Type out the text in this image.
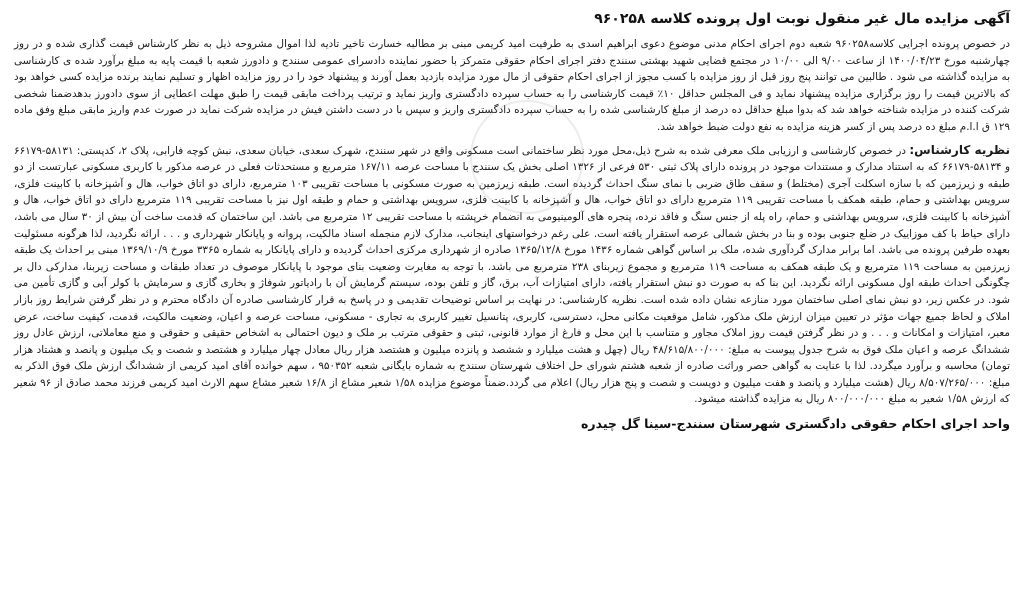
آگهی مزایده مال غیر منقول نوبت اول پرونده کلاسه ۹۶۰۲۵۸

در خصوص پرونده اجرایی کلاسه۹۶۰۲۵۸ شعبه دوم اجرای احکام مدنی موضوع دعوی ابراهیم اسدی به طرفیت امید کریمی مبنی بر مطالبه خسارت تاخیر تادیه لذا اموال مشروحه ذیل به نظر کارشناس قیمت گذاری شده و در روز چهارشنبه مورخ ۱۴۰۰/۰۴/۲۳ از ساعت ۹/۰۰ الی ۱۰/۰۰ در مجتمع قضایی شهید بهشتی سنندج دفتر اجرای احکام حقوقی متمرکز با حضور نماینده دادسرای عمومی سنندج و دادورز شعبه با قیمت پایه به مبلغ برآورد شده ی کارشناسی به مزایده گذاشته می شود . طالبین می توانند پنج روز قبل از روز مزایده با کسب مجوز از اجرای احکام حقوقی از مال مورد مزایده بازدید بعمل آورند و پیشنهاد خود را در روز مزایده اظهار و تسلیم نمایند برنده مزایده کسی خواهد بود که بالاترین قیمت را روز برگزاری مزایده پیشنهاد نماید و فی المجلس حداقل ۱۰٪ قیمت کارشناسی را به حساب سپرده دادگستری واریز نماید و ترتیب پرداخت مابقی قیمت را طبق مهلت اعطایی از سوی دادورز بدهدضمنا شخصی شرکت کننده در مزایده شناخته خواهد شد که بدوا مبلغ حداقل ده درصد از مبلغ کارشناسی شده را به حساب سپرده دادگستری واریز و سپس با در دست داشتن فیش در مزایده شرکت نماید در صورت عدم واریز مابقی مبلغ وفق ماده ۱۲۹ ق ا.ا.م مبلغ ده درصد پس از کسر هزینه مزایده به نفع دولت ضبط خواهد شد.

نظریه کارشناس: در خصوص کارشناسی و ارزیابی ملک معرفی شده به شرح ذیل،محل مورد نظر ساختمانی است مسکونی واقع در شهر سنندج، شهرک سعدی، خیابان سعدی، نبش کوچه فارابی، پلاک ۲، کدپستی: ۵۸۱۳۱-۶۶۱۷۹ و ۵۸۱۳۴-۶۶۱۷۹ که به استناد مدارک و مستندات موجود در پرونده دارای پلاک ثبتی ۵۳۰ فرعی از ۱۳۲۶ اصلی بخش یک سنندج با مساحت عرصه ۱۶۷/۱۱ مترمربع و مستحدثات فعلی در عرصه مذکور با کاربری مسکونی عبارتست از دو طبقه و زیرزمین که با سازه اسکلت آجری (مختلط) و سقف طاق ضربی با نمای سنگ احداث گردیده است. طبقه زیرزمین به صورت مسکونی با مساحت تقریبی ۱۰۳ مترمربع، دارای دو اتاق خواب، هال و آشپزخانه با کابینت فلزی، سرویس بهداشتی و حمام، طبقه همکف با مساحت تقریبی ۱۱۹ مترمربع دارای دو اتاق خواب، هال و آشپزخانه با کابینت فلزی، سرویس بهداشتی و حمام و طبقه اول نیز با مساحت تقریبی ۱۱۹ مترمربع دارای دو اتاق خواب، هال و آشپزخانه با کابینت فلزی، سرویس بهداشتی و حمام، راه پله از جنس سنگ و فاقد نرده، پنجره های آلومینیومی به انضمام خرپشته با مساحت تقریبی ۱۲ مترمربع می باشد. این ساختمان که قدمت ساخت آن بیش از ۳۰ سال می باشد، دارای حیاط با کف موزاییک در ضلع جنوبی بوده و بنا در بخش شمالی عرصه استقرار یافته است. علی رغم درخواستهای اینجانب، مدارک لازم منجمله اسناد مالکیت، پروانه و پایانکار شهرداری و . . . ارائه نگردید، لذا هرگونه مسئولیت بعهده طرفین پرونده می باشد. اما برابر مدارک گردآوری شده، ملک بر اساس گواهی شماره ۱۴۳۶ مورخ ۱۳۶۵/۱۲/۸ صادره از شهرداری مرکزی احداث گردیده و دارای پایانکار به شماره ۳۳۶۵ مورخ ۱۳۶۹/۱۰/۹ مبنی بر احداث یک طبقه زیرزمین به مساحت ۱۱۹ مترمربع و یک طبقه همکف به مساحت ۱۱۹ مترمربع و مجموع زیربنای ۲۳۸ مترمربع می باشد. با توجه به مغایرت وضعیت بنای موجود با پایانکار موصوف در تعداد طبقات و مساحت زیربنا، مدارکی دال بر چگونگی احداث طبقه اول مسکونی ارائه نگردید. این بنا که به صورت دو نبش استقرار یافته، دارای امتیازات آب، برق، گاز و تلفن بوده، سیستم گرمایش آن با رادیاتور شوفاژ و بخاری گازی و سرمایش با کولر آبی و گازی تأمین می شود. در عکس زیر، دو نبش نمای اصلی ساختمان مورد منازعه نشان داده شده است. نظریه کارشناسی: در نهایت بر اساس توضیحات تقدیمی و در پاسخ به قرار کارشناسی صادره آن دادگاه محترم و در نظر گرفتن شرایط روز بازار املاک و لحاظ جمیع جهات مؤثر در تعیین میزان ارزش ملک مذکور، شامل موقعیت مکانی محل، دسترسی، کاربری، پتانسیل تغییر کاربری به تجاری - مسکونی، مساحت عرصه و اعیان، وضعیت مالکیت، قدمت، کیفیت ساخت، عرض معبر، امتیازات و امکانات و . . . و در نظر گرفتن قیمت روز املاک مجاور و متناسب با این محل و فارغ از موارد قانونی، ثبتی و حقوقی مترتب بر ملک و دیون احتمالی به اشخاص حقیقی و حقوقی و منع معاملاتی، ارزش عادل روز ششدانگ عرصه و اعیان ملک فوق به شرح جدول پیوست به مبلغ: ۴۸/۶۱۵/۸۰۰/۰۰۰ ریال (چهل و هشت میلیارد و ششصد و پانزده میلیون و هشتصد هزار ریال معادل چهار میلیارد و هشتصد و شصت و یک میلیون و پانصد و هشتاد هزار تومان) محاسبه و برآورد میگردد. لذا با عنایت به گواهی حصر وراثت صادره از شعبه هشتم شورای حل اختلاف شهرستان سنندج به شماره بایگانی شعبه ۹۵۰۳۵۲ ، سهم خوانده آقای امید کریمی از ششدانگ ارزش ملک فوق الذکر به مبلغ: ۸/۵۰۷/۲۶۵/۰۰۰ ریال (هشت میلیارد و پانصد و هفت میلیون و دویست و شصت و پنج هزار ریال) اعلام می گردد.ضمناً موضوع مزایده ۱/۵۸ شعیر مشاع از ۱۶/۸ شعیر مشاع سهم الارث امید کریمی فرزند محمد صادق از ۹۶ شعیر که ارزش ۱/۵۸ شعیر به مبلغ ۸۰۰/۰۰۰/۰۰۰ ریال به مزایده گذاشته میشود.

واحد اجرای احکام حقوقی دادگستری شهرستان سنندج-سینا گل چیدره
